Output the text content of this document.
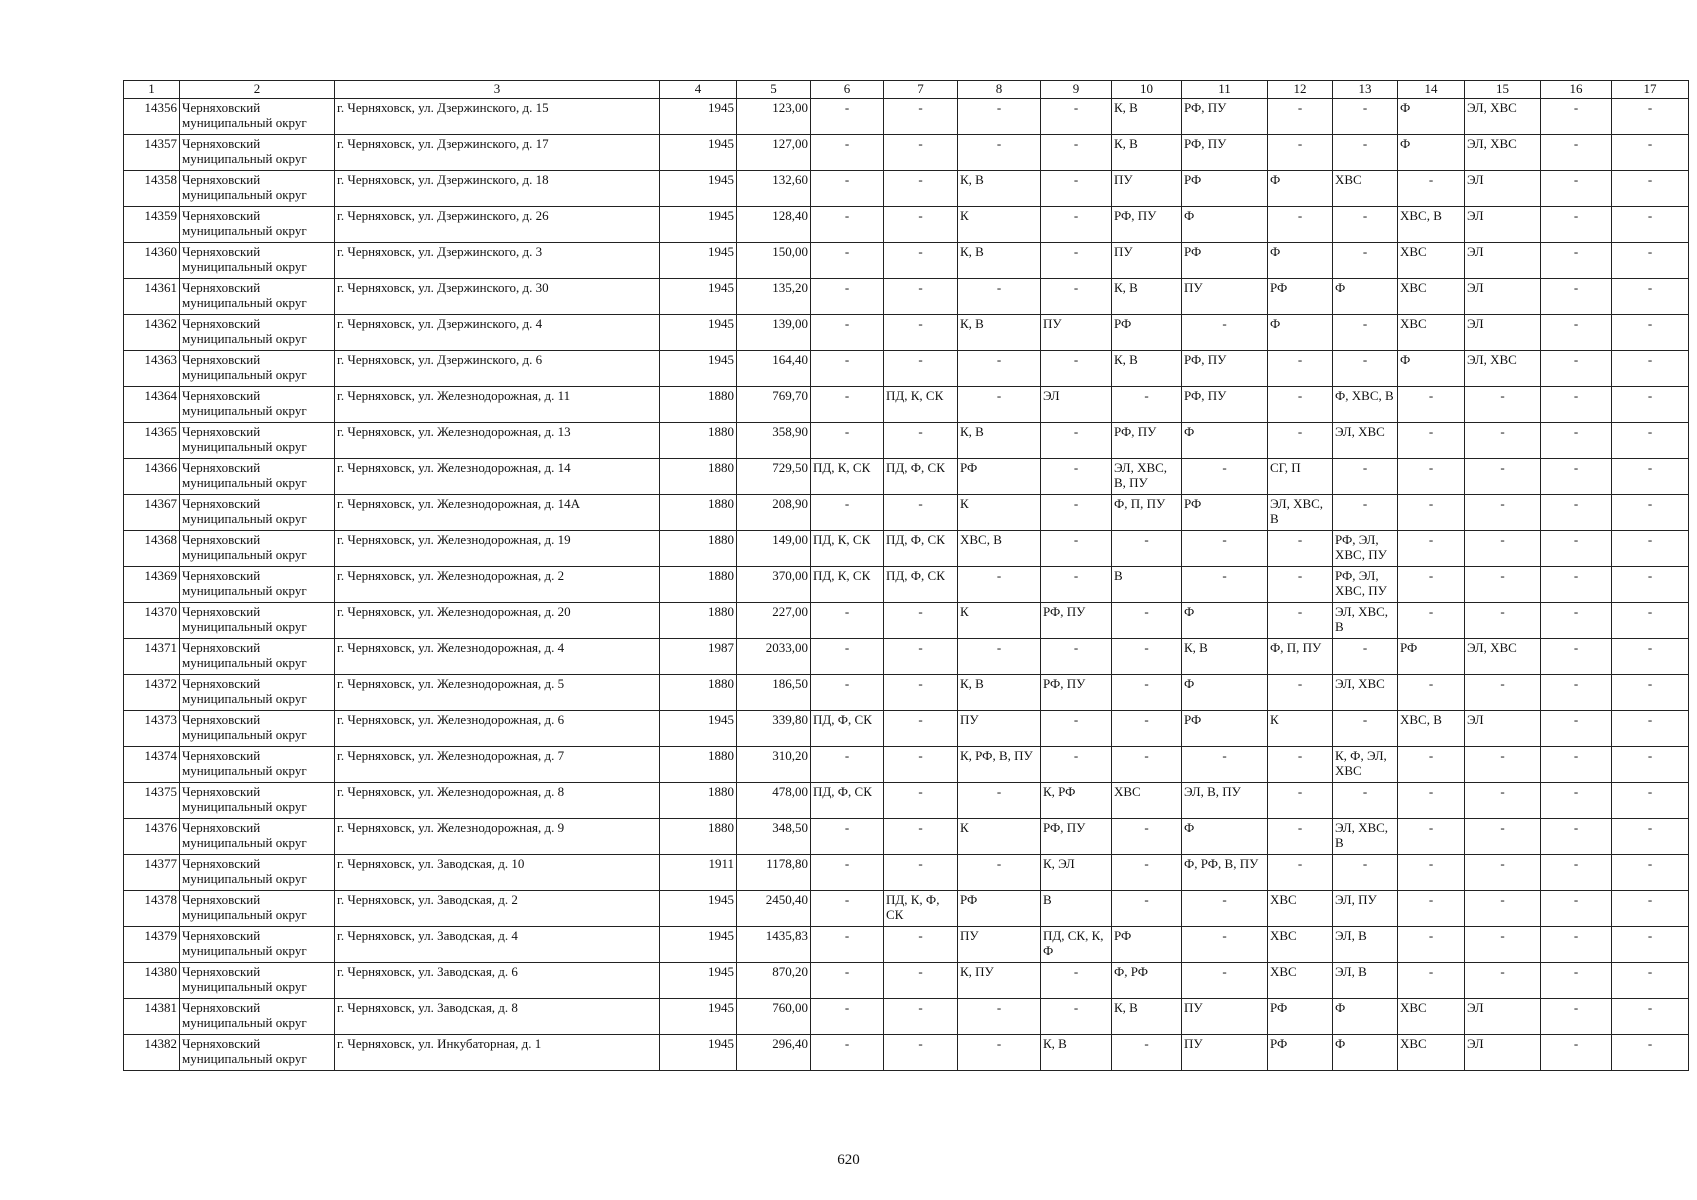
1	2	3	4	5	6	7	8	9	10	11	12	13	14	15	16	17
14356	Черняховский муниципальный округ	г. Черняховск, ул. Дзержинского, д. 15	1945	123,00	-	-	-	-	К, В	РФ, ПУ	-	-	Ф	ЭЛ, ХВС	-	-
14357	Черняховский муниципальный округ	г. Черняховск, ул. Дзержинского, д. 17	1945	127,00	-	-	-	-	К, В	РФ, ПУ	-	-	Ф	ЭЛ, ХВС	-	-
14358	Черняховский муниципальный округ	г. Черняховск, ул. Дзержинского, д. 18	1945	132,60	-	-	К, В	-	ПУ	РФ	Ф	ХВС	-	ЭЛ	-	-
14359	Черняховский муниципальный округ	г. Черняховск, ул. Дзержинского, д. 26	1945	128,40	-	-	К	-	РФ, ПУ	Ф	-	-	ХВС, В	ЭЛ	-	-
14360	Черняховский муниципальный округ	г. Черняховск, ул. Дзержинского, д. 3	1945	150,00	-	-	К, В	-	ПУ	РФ	Ф	-	ХВС	ЭЛ	-	-
14361	Черняховский муниципальный округ	г. Черняховск, ул. Дзержинского, д. 30	1945	135,20	-	-	-	-	К, В	ПУ	РФ	Ф	ХВС	ЭЛ	-	-
14362	Черняховский муниципальный округ	г. Черняховск, ул. Дзержинского, д. 4	1945	139,00	-	-	К, В	ПУ	РФ	-	Ф	-	ХВС	ЭЛ	-	-
14363	Черняховский муниципальный округ	г. Черняховск, ул. Дзержинского, д. 6	1945	164,40	-	-	-	-	К, В	РФ, ПУ	-	-	Ф	ЭЛ, ХВС	-	-
14364	Черняховский муниципальный округ	г. Черняховск, ул. Железнодорожная, д. 11	1880	769,70	-	ПД, К, СК	-	ЭЛ	-	РФ, ПУ	-	Ф, ХВС, В	-	-	-	-
14365	Черняховский муниципальный округ	г. Черняховск, ул. Железнодорожная, д. 13	1880	358,90	-	-	К, В	-	РФ, ПУ	Ф	-	ЭЛ, ХВС	-	-	-	-
14366	Черняховский муниципальный округ	г. Черняховск, ул. Железнодорожная, д. 14	1880	729,50	ПД, К, СК	ПД, Ф, СК	РФ	-	ЭЛ, ХВС, В, ПУ	-	СГ, П	-	-	-	-	-
14367	Черняховский муниципальный округ	г. Черняховск, ул. Железнодорожная, д. 14А	1880	208,90	-	-	К	-	Ф, П, ПУ	РФ	ЭЛ, ХВС, В	-	-	-	-	-
14368	Черняховский муниципальный округ	г. Черняховск, ул. Железнодорожная, д. 19	1880	149,00	ПД, К, СК	ПД, Ф, СК	ХВС, В	-	-	-	-	РФ, ЭЛ, ХВС, ПУ	-	-	-	-
14369	Черняховский муниципальный округ	г. Черняховск, ул. Железнодорожная, д. 2	1880	370,00	ПД, К, СК	ПД, Ф, СК	-	-	В	-	-	РФ, ЭЛ, ХВС, ПУ	-	-	-	-
14370	Черняховский муниципальный округ	г. Черняховск, ул. Железнодорожная, д. 20	1880	227,00	-	-	К	РФ, ПУ	-	Ф	-	ЭЛ, ХВС, В	-	-	-	-
14371	Черняховский муниципальный округ	г. Черняховск, ул. Железнодорожная, д. 4	1987	2033,00	-	-	-	-	-	К, В	Ф, П, ПУ	-	РФ	ЭЛ, ХВС	-	-
14372	Черняховский муниципальный округ	г. Черняховск, ул. Железнодорожная, д. 5	1880	186,50	-	-	К, В	РФ, ПУ	-	Ф	-	ЭЛ, ХВС	-	-	-	-
14373	Черняховский муниципальный округ	г. Черняховск, ул. Железнодорожная, д. 6	1945	339,80	ПД, Ф, СК	-	ПУ	-	-	РФ	К	-	ХВС, В	ЭЛ	-	-
14374	Черняховский муниципальный округ	г. Черняховск, ул. Железнодорожная, д. 7	1880	310,20	-	-	К, РФ, В, ПУ	-	-	-	-	К, Ф, ЭЛ, ХВС	-	-	-	-
14375	Черняховский муниципальный округ	г. Черняховск, ул. Железнодорожная, д. 8	1880	478,00	ПД, Ф, СК	-	-	К, РФ	ХВС	ЭЛ, В, ПУ	-	-	-	-	-	-
14376	Черняховский муниципальный округ	г. Черняховск, ул. Железнодорожная, д. 9	1880	348,50	-	-	К	РФ, ПУ	-	Ф	-	ЭЛ, ХВС, В	-	-	-	-
14377	Черняховский муниципальный округ	г. Черняховск, ул. Заводская, д. 10	1911	1178,80	-	-	-	К, ЭЛ	-	Ф, РФ, В, ПУ	-	-	-	-	-	-
14378	Черняховский муниципальный округ	г. Черняховск, ул. Заводская, д. 2	1945	2450,40	-	ПД, К, Ф, СК	РФ	В	-	-	ХВС	ЭЛ, ПУ	-	-	-	-
14379	Черняховский муниципальный округ	г. Черняховск, ул. Заводская, д. 4	1945	1435,83	-	-	ПУ	ПД, СК, К, Ф	РФ	-	ХВС	ЭЛ, В	-	-	-	-
14380	Черняховский муниципальный округ	г. Черняховск, ул. Заводская, д. 6	1945	870,20	-	-	К, ПУ	-	Ф, РФ	-	ХВС	ЭЛ, В	-	-	-	-
14381	Черняховский муниципальный округ	г. Черняховск, ул. Заводская, д. 8	1945	760,00	-	-	-	-	К, В	ПУ	РФ	Ф	ХВС	ЭЛ	-	-
14382	Черняховский муниципальный округ	г. Черняховск, ул. Инкубаторная, д. 1	1945	296,40	-	-	-	К, В	-	ПУ	РФ	Ф	ХВС	ЭЛ	-	-
620
